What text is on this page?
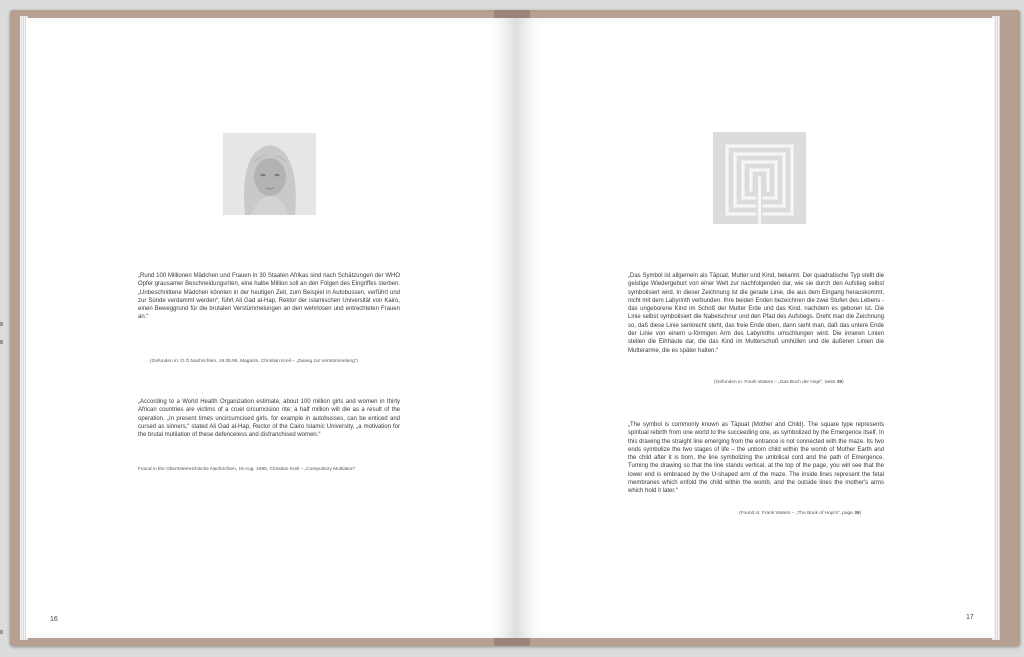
„Rund 100 Millionen Mädchen und Frauen in 30 Staaten Afrikas sind nach Schätzungen der WHO Opfer grausamer Beschneidungsriten, eine halbe Million soll an den Folgen des Eingriffes sterben. „Unbeschnittene Mädchen könnten in der heutigen Zeit, zum Beispiel in Autobussen, verführt und zur Sünde verdammt werden“, führt Ali Gad al-Hap, Rektor der islamischen Universität von Kairo, einen Beweggrund für die brutalen Verstümmelungen an den wehrlosen und entrechteten Frauen an.“
(Gefunden in: O.Ö.Nachrichten, 19.08.95, Magazin, Christian Kreil – „Zwang zur Verstümmelung“)
„According to a World Health Organization estimate, about 100 million girls and women in thirty African countries are victims of a cruel circumcision rite; a half million will die as a result of the operation. „In present times uncircumcised girls, for example in autobusses, can be enticed and cursed as sinners,“ stated Ali Gad al-Hap, Rector of the Cairo Islamic University, „a motivation for the brutal mutilation of these defenceless and disfranchised women.“
Found in the Oberösterreichische Nachrichten, 19 Aug. 1995, Christian Kreil – „Compulsory Mutilation“
16
„Das Symbol ist allgemein als Tāpuat, Mutter und Kind, bekannt. Der quadratische Typ stellt die geistige Wiedergeburt von einer Welt zur nachfolgenden dar, wie sie durch den Aufstieg selbst symbolisiert wird. In dieser Zeichnung ist die gerade Linie, die aus dem Eingang herauskommt, nicht mit dem Labyrinth verbunden. Ihre beiden Enden bezeichnen die zwei Stufen des Lebens - das ungeborene Kind im Schoß der Mutter Erde und das Kind, nachdem es geboren ist. Die Linie selbst symbolisiert die Nabelschnur und den Pfad des Aufstiegs. Dreht man die Zeichnung so, daß diese Linie senkrecht steht, das freie Ende oben, dann sieht man, daß das untere Ende der Linie von einem u-förmigen Arm des Labyrinths umschlungen wird. Die inneren Linien stellen die Eihhäute dar, die das Kind im Mutterschoß umhüllen und die äußeren Linien die Mutterarme, die es später halten.“
(Gefunden in: Frank Waters – „Das Buch der Hopi“, Seite 39)
„The symbol is commonly known as Tāpuat (Mother and Child). The square type represents spiritual rebirth from one world to the succeeding one, as symbolized by the Emergence itself. In this drawing the straight line emerging from the entrance is not connected with the maze. Its two ends symbolize the two stages of life – the unborn child within the womb of Mother Earth and the child after it is born, the line symbolizing the umbilical cord and the path of Emergence. Turning the drawing so that the line stands vertical, at the top of the page, you will see that the lower end is embraced by the U-shaped arm of the maze. The inside lines represent the fetal membranes which enfold the child within the womb, and the outside lines the mother's arms which hold it later.“
(Found in: Frank Waters – „The Book of Hopi’s“, page 39)
17
